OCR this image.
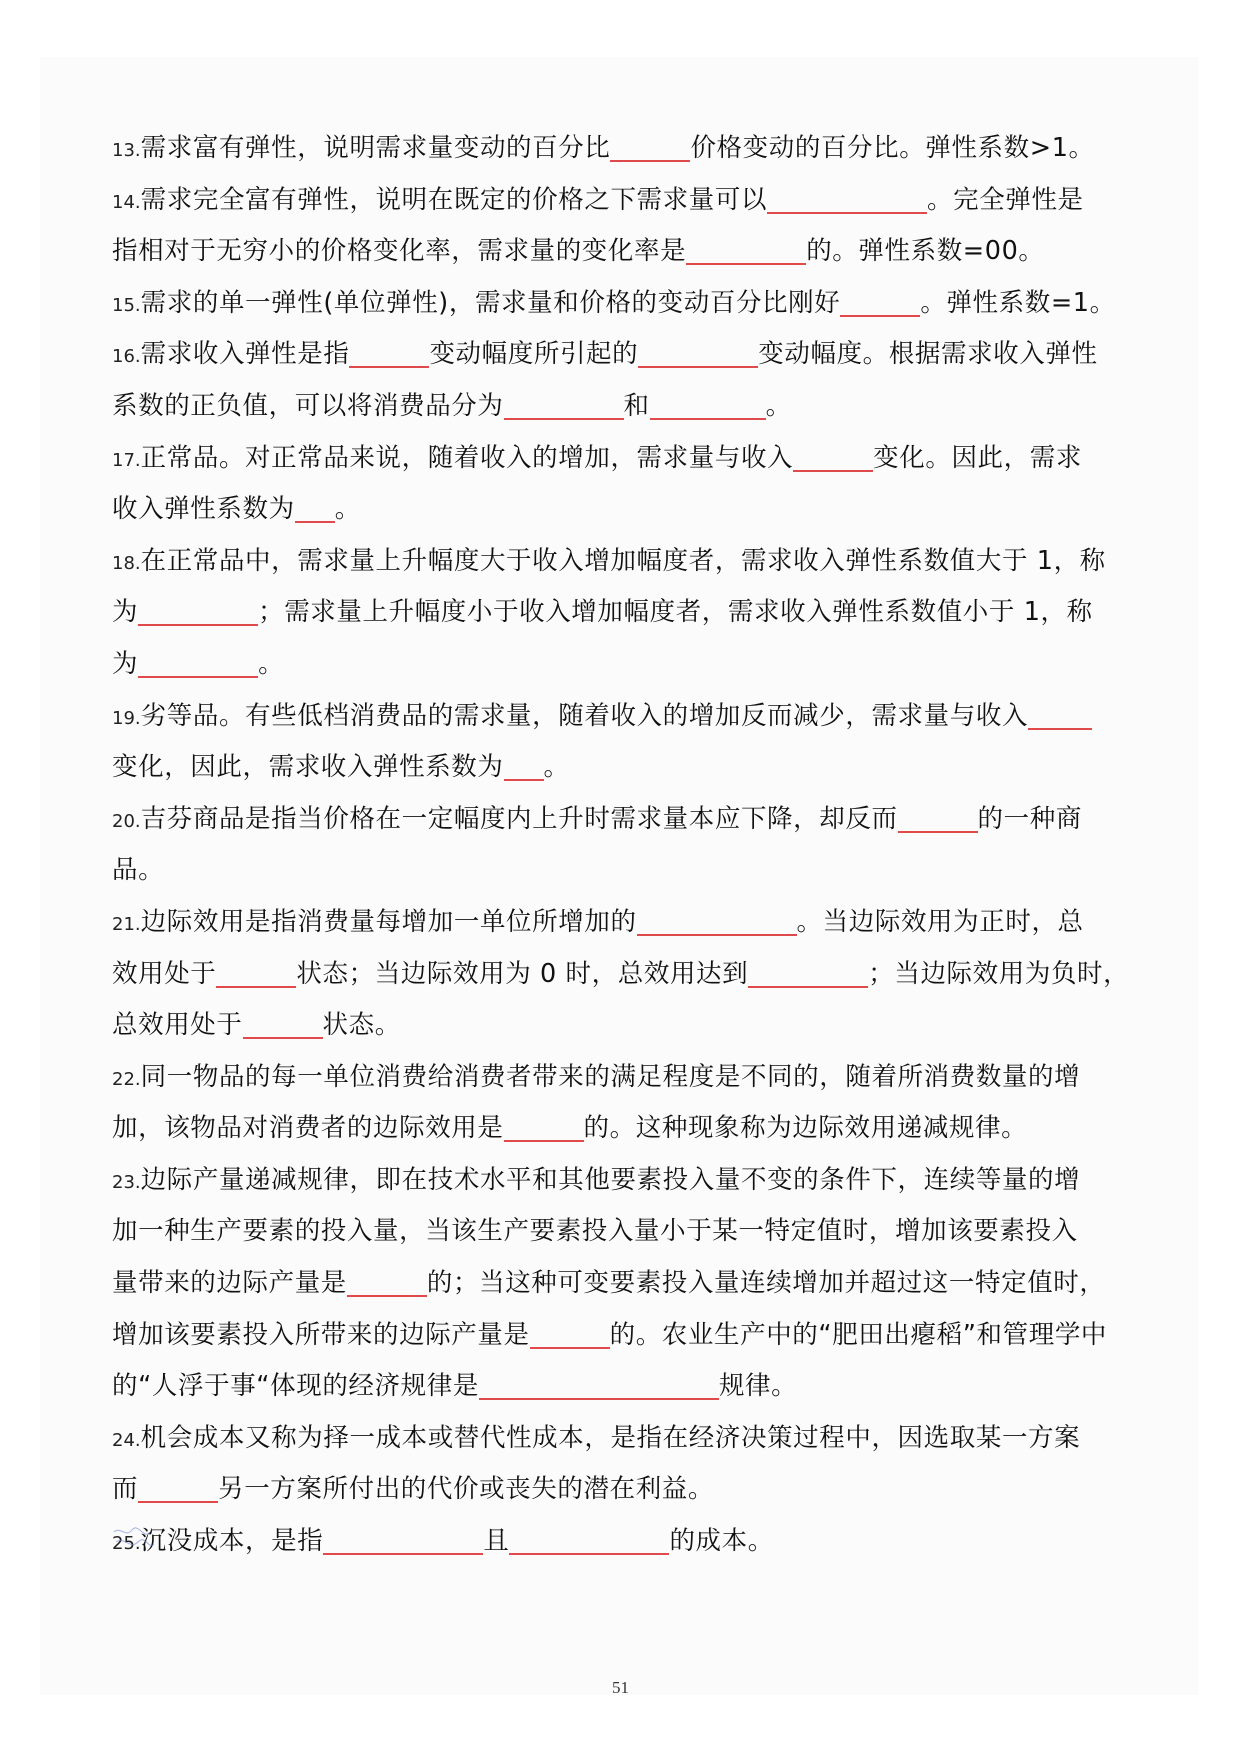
13.需求富有弹性，说明需求量变动的百分比	价格变动的百分比。弹性系数>1。
14.需求完全富有弹性，说明在既定的价格之下需求量可以	。完全弹性是
指相对于无穷小的价格变化率，需求量的变化率是	的。弹性系数=00。
15.需求的单一弹性(单位弹性)，需求量和价格的变动百分比刚好	。弹性系数=1。
16.需求收入弹性是指	变动幅度所引起的	变动幅度。根据需求收入弹性
系数的正负值，可以将消费品分为	和	。
17.正常品。对正常品来说，随着收入的增加，需求量与收入	变化。因此，需求
收入弹性系数为 。
18.在正常品中，需求量上升幅度大于收入增加幅度者，需求收入弹性系数值大于 1，称
为	；需求量上升幅度小于收入增加幅度者，需求收入弹性系数值小于 1，称
为	。
19.劣等品。有些低档消费品的需求量，随着收入的增加反而减少，需求量与收入
变化，因此，需求收入弹性系数为 。
20.吉芬商品是指当价格在一定幅度内上升时需求量本应下降，却反而	的一种商
品。
21.边际效用是指消费量每增加一单位所增加的	。当边际效用为正时，总
效用处于	状态；当边际效用为 0 时，总效用达到	；当边际效用为负时，
总效用处于	状态。
22.同一物品的每一单位消费给消费者带来的满足程度是不同的，随着所消费数量的增
加，该物品对消费者的边际效用是	的。这种现象称为边际效用递减规律。
23.边际产量递减规律，即在技术水平和其他要素投入量不变的条件下，连续等量的增
加一种生产要素的投入量，当该生产要素投入量小于某一特定值时，增加该要素投入
量带来的边际产量是	的；当这种可变要素投入量连续增加并超过这一特定值时，
增加该要素投入所带来的边际产量是	的。农业生产中的“肥田出瘪稻”和管理学中
的“人浮于事“体现的经济规律是	规律。
24.机会成本又称为择一成本或替代性成本，是指在经济决策过程中，因选取某一方案
而	另一方案所付出的代价或丧失的潜在利益。
25.沉没成本，是指	且	的成本。
51
